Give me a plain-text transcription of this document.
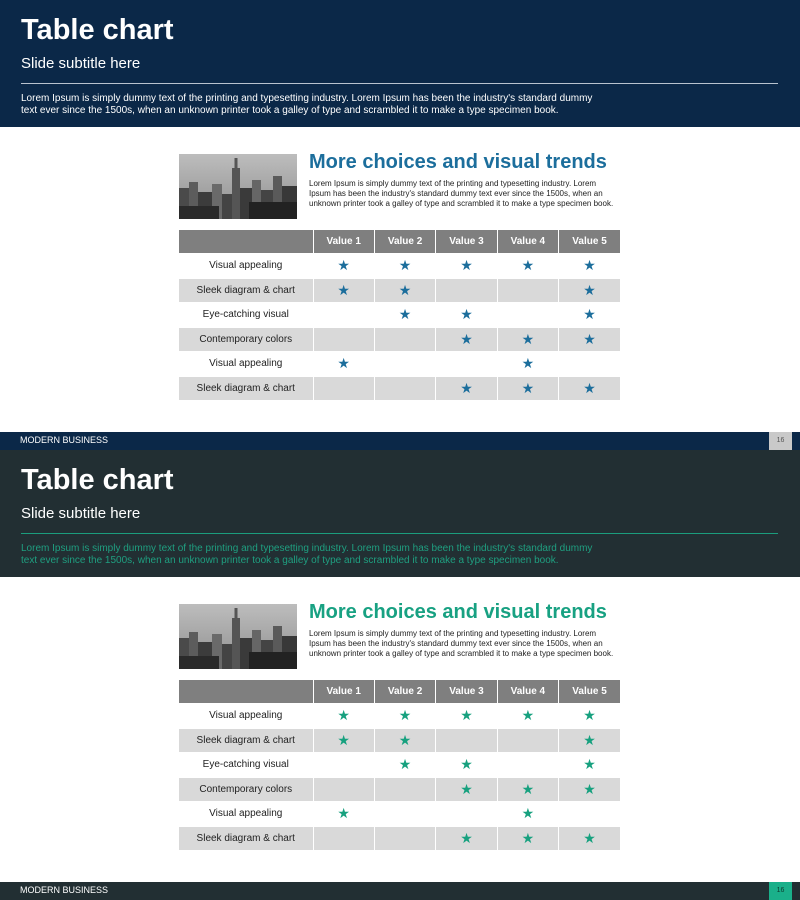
Table chart
Slide subtitle here
Lorem Ipsum is simply dummy text of the printing and typesetting industry. Lorem Ipsum has been the industry's standard dummy text ever since the 1500s, when an unknown printer took a galley of type and scrambled it to make a type specimen book.
More choices and visual trends
Lorem Ipsum is simply dummy text of the printing and typesetting industry. Lorem Ipsum has been the industry's standard dummy text ever since the 1500s, when an unknown printer took a galley of type and scrambled it to make a type specimen book.
	Value 1	Value 2	Value 3	Value 4	Value 5
Visual appealing	★	★	★	★	★
Sleek diagram & chart	★	★			★
Eye-catching visual		★	★		★
Contemporary colors			★	★	★
Visual appealing	★			★	
Sleek diagram & chart			★	★	★
MODERN BUSINESS	16
Table chart
Slide subtitle here
Lorem Ipsum is simply dummy text of the printing and typesetting industry. Lorem Ipsum has been the industry's standard dummy text ever since the 1500s, when an unknown printer took a galley of type and scrambled it to make a type specimen book.
More choices and visual trends
Lorem Ipsum is simply dummy text of the printing and typesetting industry. Lorem Ipsum has been the industry's standard dummy text ever since the 1500s, when an unknown printer took a galley of type and scrambled it to make a type specimen book.
	Value 1	Value 2	Value 3	Value 4	Value 5
Visual appealing	★	★	★	★	★
Sleek diagram & chart	★	★			★
Eye-catching visual		★	★		★
Contemporary colors			★	★	★
Visual appealing	★			★	
Sleek diagram & chart			★	★	★
MODERN BUSINESS	16
